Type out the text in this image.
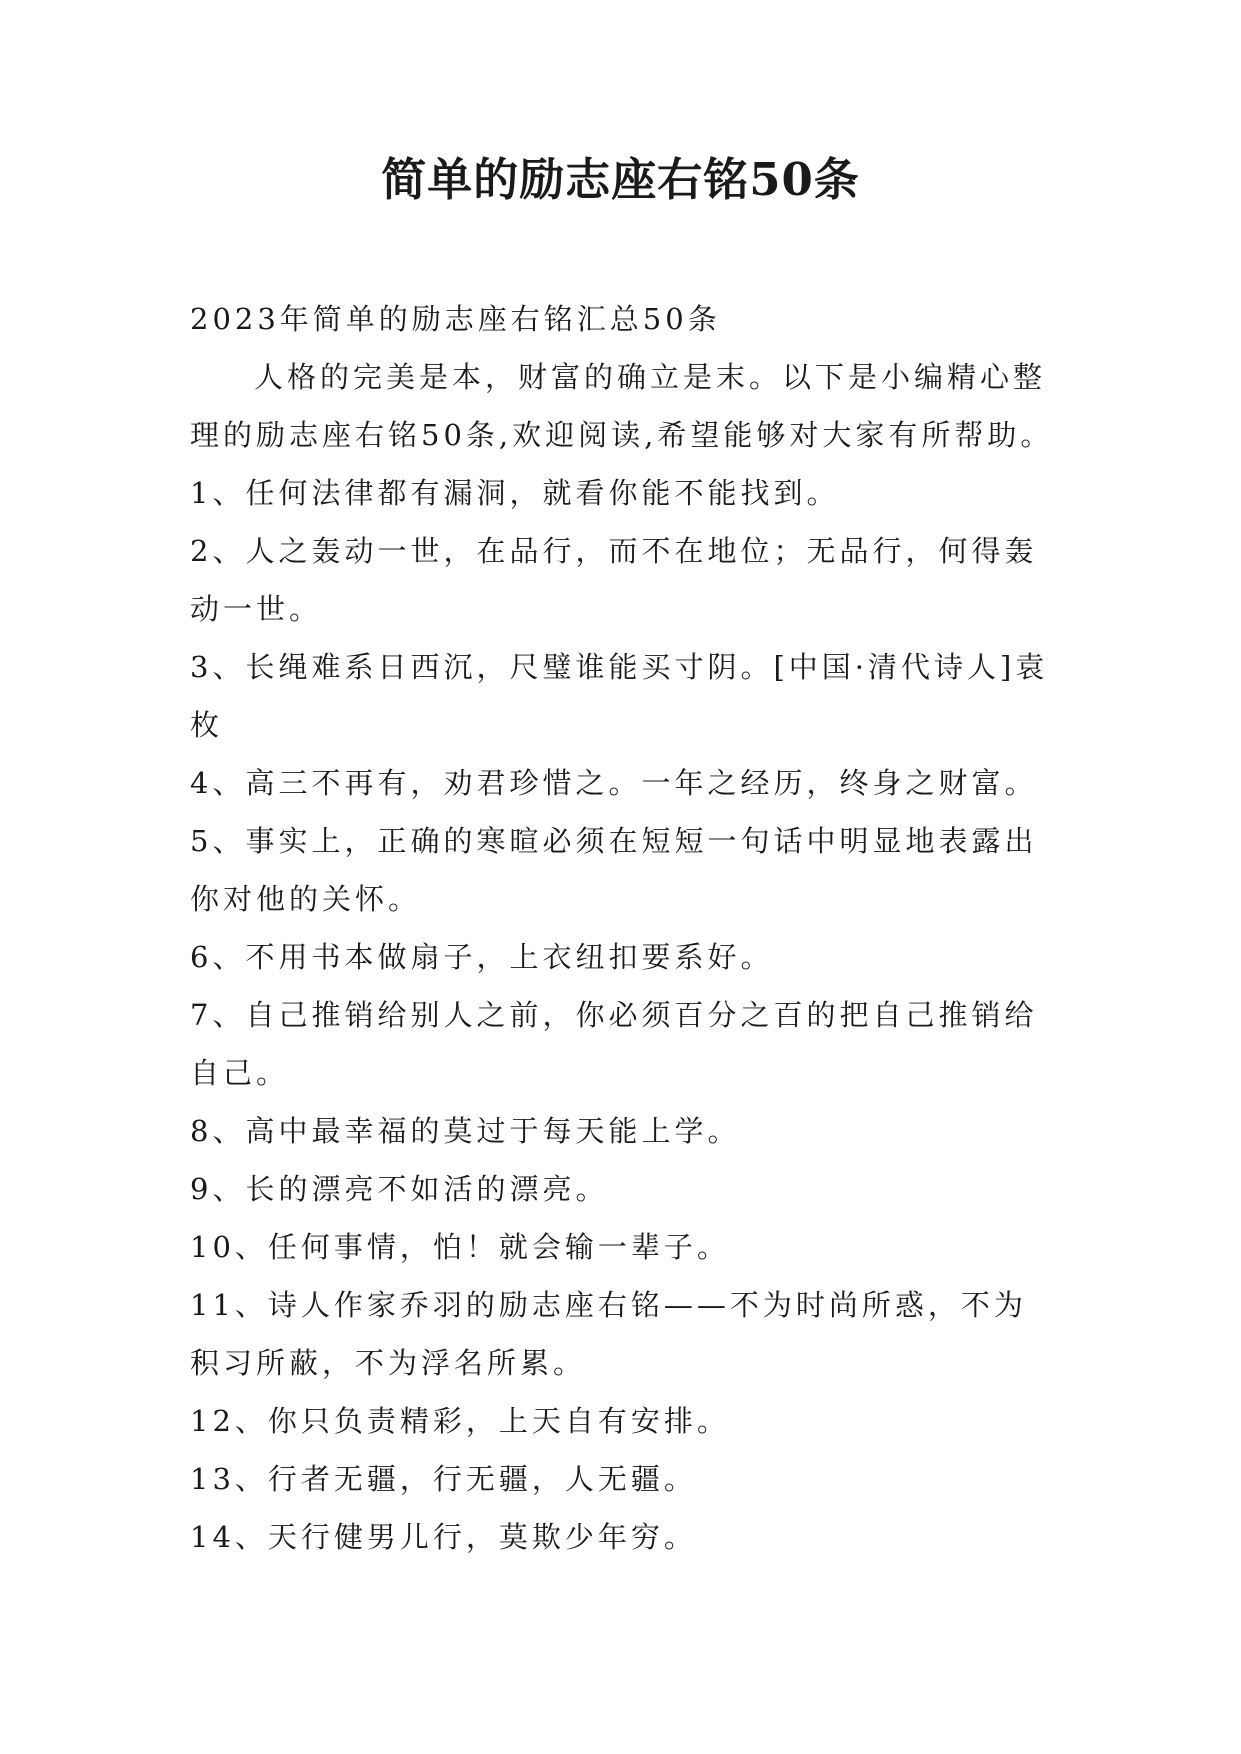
简单的励志座右铭50条

2023年简单的励志座右铭汇总50条

人格的完美是本，财富的确立是末。以下是小编精心整理的励志座右铭50条,欢迎阅读,希望能够对大家有所帮助。

1、任何法律都有漏洞，就看你能不能找到。

2、人之轰动一世，在品行，而不在地位；无品行，何得轰动一世。

3、长绳难系日西沉，尺璧谁能买寸阴。[中国·清代诗人]袁枚

4、高三不再有，劝君珍惜之。一年之经历，终身之财富。

5、事实上，正确的寒暄必须在短短一句话中明显地表露出你对他的关怀。

6、不用书本做扇子，上衣纽扣要系好。

7、自己推销给别人之前，你必须百分之百的把自己推销给自己。

8、高中最幸福的莫过于每天能上学。

9、长的漂亮不如活的漂亮。

10、任何事情，怕！就会输一辈子。

11、诗人作家乔羽的励志座右铭——不为时尚所惑，不为积习所蔽，不为浮名所累。

12、你只负责精彩，上天自有安排。

13、行者无疆，行无疆，人无疆。

14、天行健男儿行，莫欺少年穷。
